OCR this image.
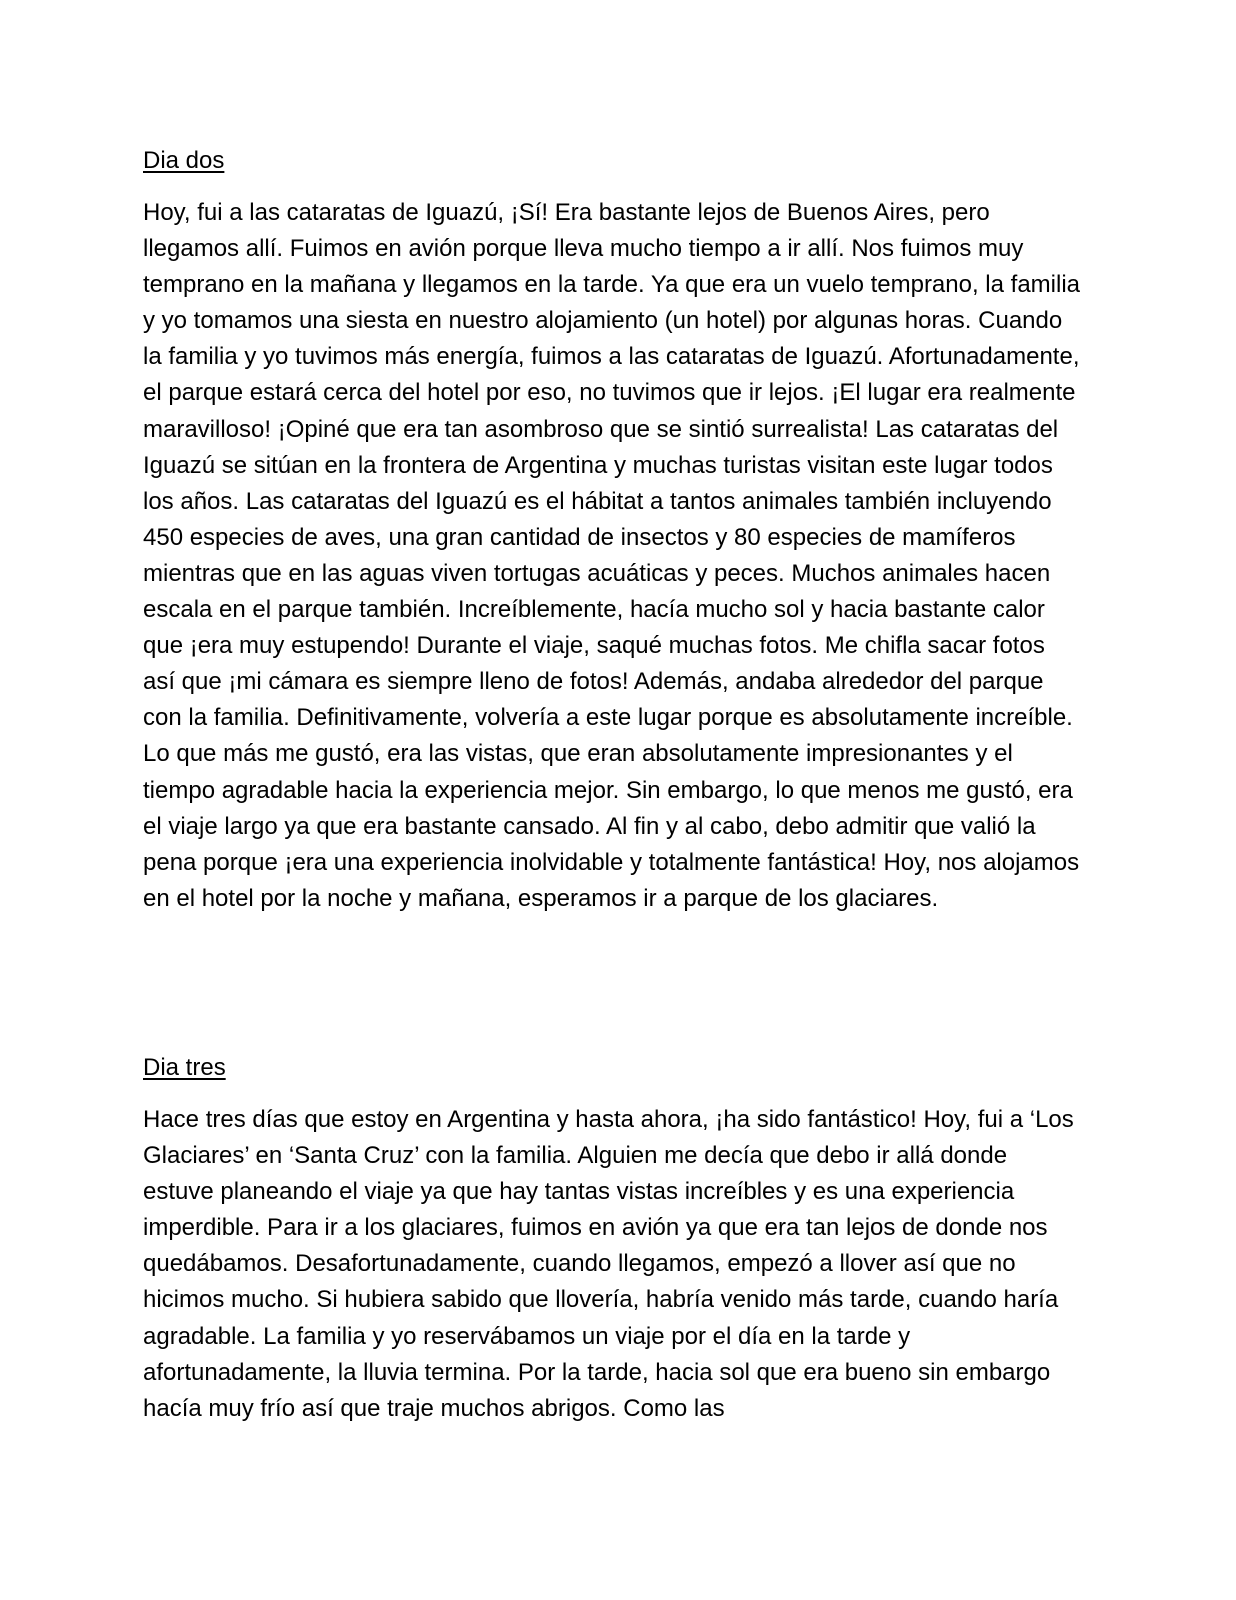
Dia dos
Hoy, fui a las cataratas de Iguazú, ¡Sí! Era bastante lejos de Buenos Aires, pero llegamos allí. Fuimos en avión porque lleva mucho tiempo a ir allí. Nos fuimos muy temprano en la mañana y llegamos en la tarde. Ya que era un vuelo temprano, la familia y yo tomamos una siesta en nuestro alojamiento (un hotel) por algunas horas. Cuando la familia y yo tuvimos más energía, fuimos a las cataratas de Iguazú. Afortunadamente, el parque estará cerca del hotel por eso, no tuvimos que ir lejos. ¡El lugar era realmente maravilloso! ¡Opiné que era tan asombroso que se sintió surrealista! Las cataratas del Iguazú se sitúan en la frontera de Argentina y muchas turistas visitan este lugar todos los años. Las cataratas del Iguazú es el hábitat a tantos animales también incluyendo 450 especies de aves, una gran cantidad de insectos y 80 especies de mamíferos mientras que en las aguas viven tortugas acuáticas y peces. Muchos animales hacen escala en el parque también. Increíblemente, hacía mucho sol y hacia bastante calor que ¡era muy estupendo! Durante el viaje, saqué muchas fotos. Me chifla sacar fotos así que ¡mi cámara es siempre lleno de fotos! Además, andaba alrededor del parque con la familia. Definitivamente, volvería a este lugar porque es absolutamente increíble. Lo que más me gustó, era las vistas, que eran absolutamente impresionantes y el tiempo agradable hacia la experiencia mejor. Sin embargo, lo que menos me gustó, era el viaje largo ya que era bastante cansado. Al fin y al cabo, debo admitir que valió la pena porque ¡era una experiencia inolvidable y totalmente fantástica! Hoy, nos alojamos en el hotel por la noche y mañana, esperamos ir a parque de los glaciares.
Dia tres
Hace tres días que estoy en Argentina y hasta ahora, ¡ha sido fantástico! Hoy, fui a ‘Los Glaciares’ en ‘Santa Cruz’ con la familia. Alguien me decía que debo ir allá donde estuve planeando el viaje ya que hay tantas vistas increíbles y es una experiencia imperdible. Para ir a los glaciares, fuimos en avión ya que era tan lejos de donde nos quedábamos. Desafortunadamente, cuando llegamos, empezó a llover así que no hicimos mucho. Si hubiera sabido que llovería, habría venido más tarde, cuando haría agradable. La familia y yo reservábamos un viaje por el día en la tarde y afortunadamente, la lluvia termina. Por la tarde, hacia sol que era bueno sin embargo hacía muy frío así que traje muchos abrigos. Como las
